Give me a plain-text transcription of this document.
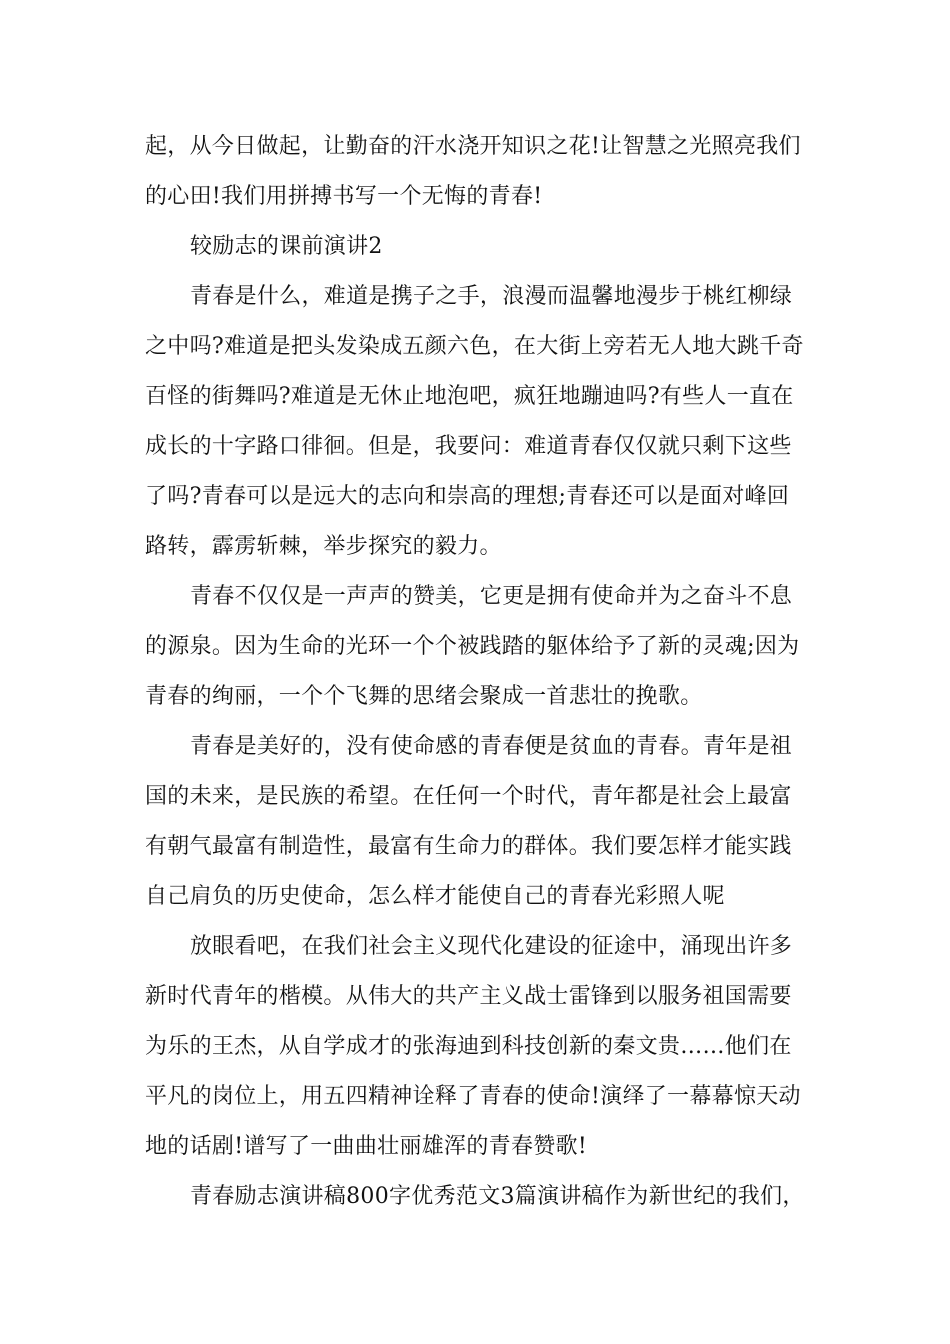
起，从今日做起，让勤奋的汗水浇开知识之花!让智慧之光照亮我们

的心田!我们用拼搏书写一个无悔的青春!

较励志的课前演讲2

青春是什么，难道是携子之手，浪漫而温馨地漫步于桃红柳绿

之中吗?难道是把头发染成五颜六色，在大街上旁若无人地大跳千奇

百怪的街舞吗?难道是无休止地泡吧，疯狂地蹦迪吗?有些人一直在

成长的十字路口徘徊。但是，我要问：难道青春仅仅就只剩下这些

了吗?青春可以是远大的志向和崇高的理想;青春还可以是面对峰回

路转，霹雳斩棘，举步探究的毅力。

青春不仅仅是一声声的赞美，它更是拥有使命并为之奋斗不息

的源泉。因为生命的光环一个个被践踏的躯体给予了新的灵魂;因为

青春的绚丽，一个个飞舞的思绪会聚成一首悲壮的挽歌。

青春是美好的，没有使命感的青春便是贫血的青春。青年是祖

国的未来，是民族的希望。在任何一个时代，青年都是社会上最富

有朝气最富有制造性，最富有生命力的群体。我们要怎样才能实践

自己肩负的历史使命，怎么样才能使自己的青春光彩照人呢

放眼看吧，在我们社会主义现代化建设的征途中，涌现出许多

新时代青年的楷模。从伟大的共产主义战士雷锋到以服务祖国需要

为乐的王杰，从自学成才的张海迪到科技创新的秦文贵……他们在

平凡的岗位上，用五四精神诠释了青春的使命!演绎了一幕幕惊天动

地的话剧!谱写了一曲曲壮丽雄浑的青春赞歌!

青春励志演讲稿800字优秀范文3篇演讲稿作为新世纪的我们，
